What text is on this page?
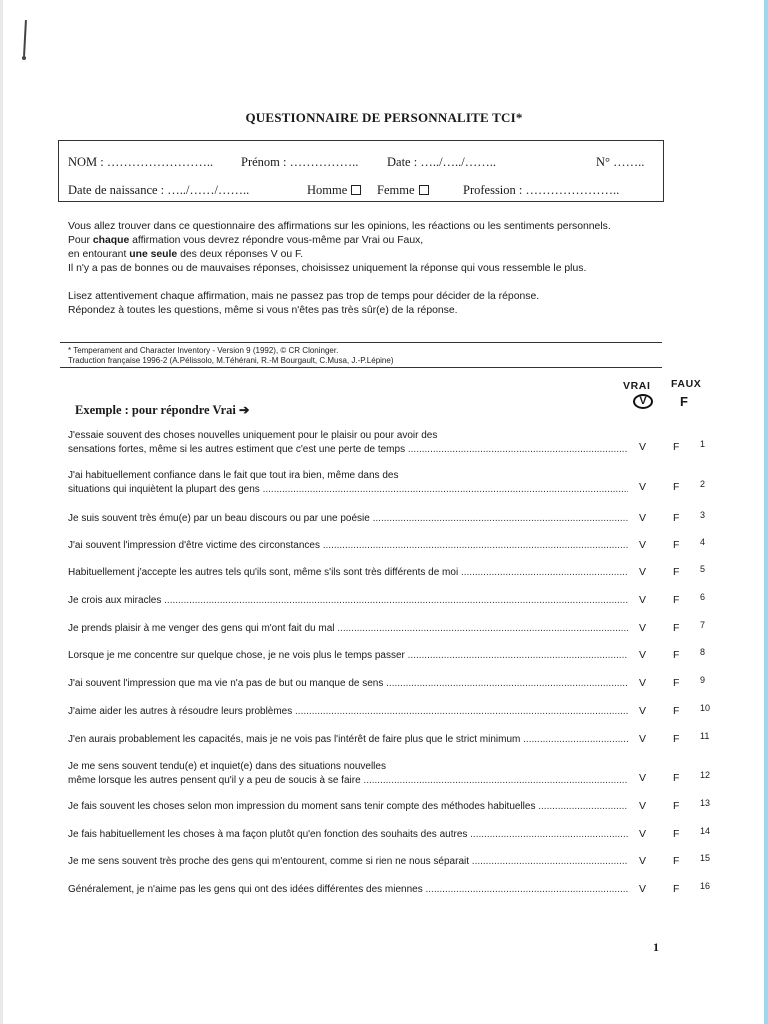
QUESTIONNAIRE DE PERSONNALITE TCI*
NOM : …………………….. Prénom : …………….. Date : …../…../……..	N° ……..
Date de naissance : …../……/……..	Homme	Femme	Profession : …………………..
Vous allez trouver dans ce questionnaire des affirmations sur les opinions, les réactions ou les sentiments personnels.
Pour chaque affirmation vous devrez répondre vous-même par Vrai ou Faux,
en entourant une seule des deux réponses V ou F.
Il n'y a pas de bonnes ou de mauvaises réponses, choisissez uniquement la réponse qui vous ressemble le plus.
Lisez attentivement chaque affirmation, mais ne passez pas trop de temps pour décider de la réponse.
Répondez à toutes les questions, même si vous n'êtes pas très sûr(e) de la réponse.
* Temperament and Character Inventory - Version 9 (1992), © CR Cloninger.
Traduction française 1996-2 (A.Pélissolo, M.Téhérani, R.-M Bourgault, C.Musa, J.-P.Lépine)
VRAI FAUX
V	F
Exemple : pour répondre Vrai ➔
J'essaie souvent des choses nouvelles uniquement pour le plaisir ou pour avoir des
sensations fortes, même si les autres estiment que c'est une perte de temps .....	V	F 1
J'ai habituellement confiance dans le fait que tout ira bien, même dans des
situations qui inquiètent la plupart des gens .....	V	F 2
Je suis souvent très ému(e) par un beau discours ou par une poésie .....	V	F 3
J'ai souvent l'impression d'être victime des circonstances .....	V	F 4
Habituellement j'accepte les autres tels qu'ils sont, même s'ils sont très différents de moi .....	V	F 5
Je crois aux miracles .....	V	F 6
Je prends plaisir à me venger des gens qui m'ont fait du mal .....	V	F 7
Lorsque je me concentre sur quelque chose, je ne vois plus le temps passer .....	V	F 8
J'ai souvent l'impression que ma vie n'a pas de but ou manque de sens .....	V	F 9
J'aime aider les autres à résoudre leurs problèmes .....	V	F 10
J'en aurais probablement les capacités, mais je ne vois pas l'intérêt de faire plus que le strict minimum .....	V	F 11
Je me sens souvent tendu(e) et inquiet(e) dans des situations nouvelles
même lorsque les autres pensent qu'il y a peu de soucis à se faire .....	V	F 12
Je fais souvent les choses selon mon impression du moment sans tenir compte des méthodes habituelles .....	V	F 13
Je fais habituellement les choses à ma façon plutôt qu'en fonction des souhaits des autres .....	V	F 14
Je me sens souvent très proche des gens qui m'entourent, comme si rien ne nous séparait .....	V	F 15
Généralement, je n'aime pas les gens qui ont des idées différentes des miennes .....	V	F 16
1
